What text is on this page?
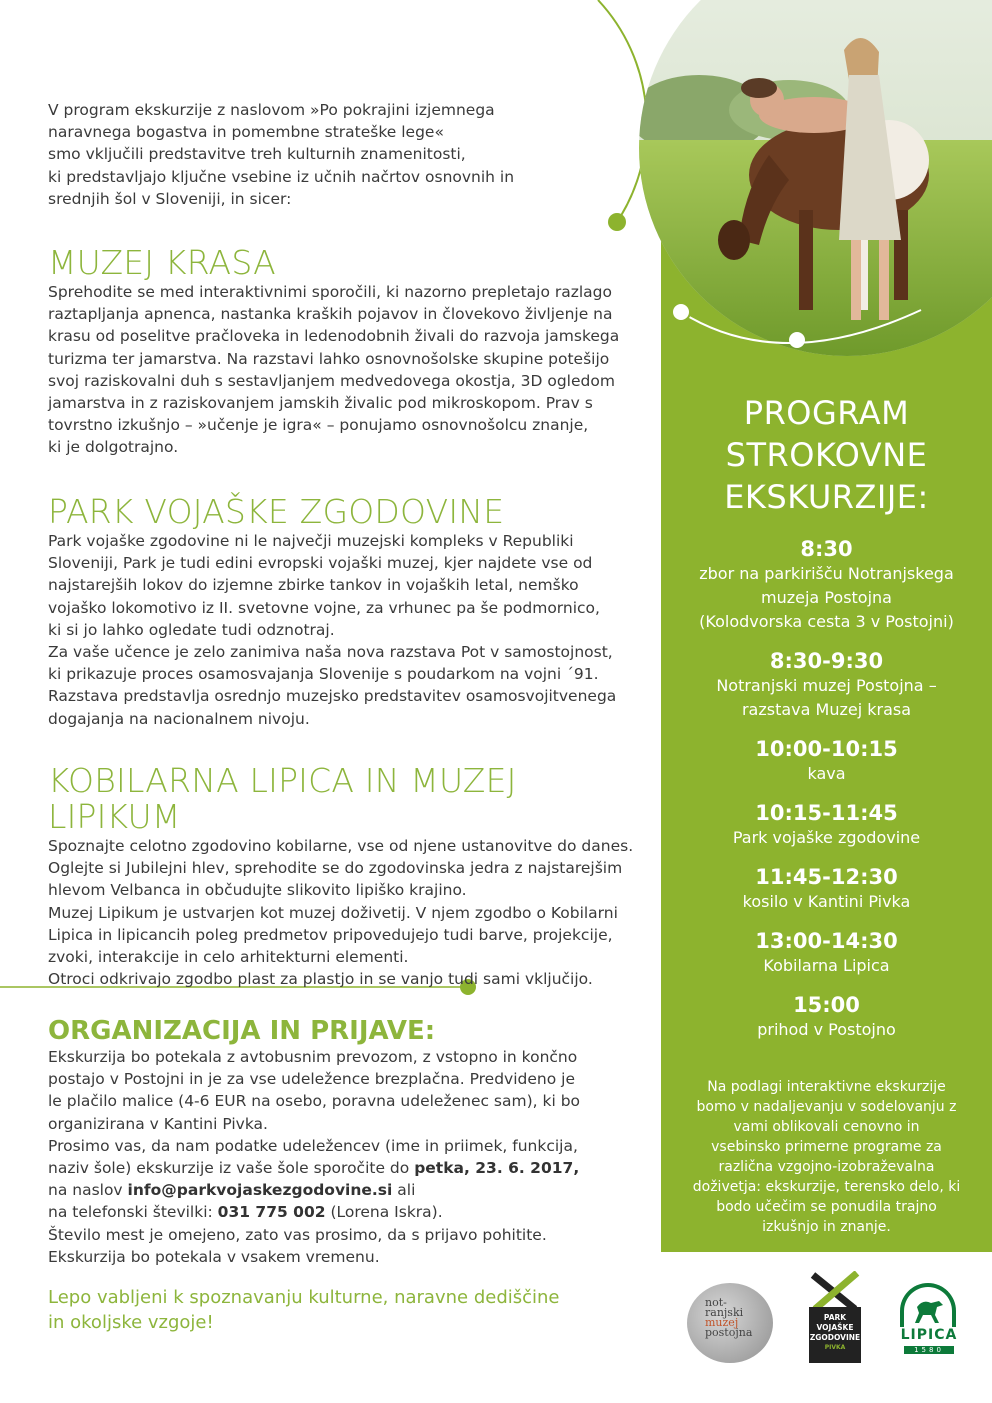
V program ekskurzije z naslovom »Po pokrajini izjemnega

naravnega bogastva in pomembne strateške lege«

smo vključili predstavitve treh kulturnih znamenitosti,

ki predstavljajo ključne vsebine iz učnih načrtov osnovnih in

srednjih šol v Sloveniji, in sicer:

MUZEJ KRASA

Sprehodite se med interaktivnimi sporočili, ki nazorno prepletajo razlago

raztapljanja apnenca, nastanka kraških pojavov in človekovo življenje na

krasu od poselitve pračloveka in ledenodobnih živali do razvoja jamskega

turizma ter jamarstva. Na razstavi lahko osnovnošolske skupine potešijo

svoj raziskovalni duh s sestavljanjem medvedovega okostja, 3D ogledom

jamarstva in z raziskovanjem jamskih živalic pod mikroskopom. Prav s

tovrstno izkušnjo – »učenje je igra« – ponujamo osnovnošolcu znanje,

ki je dolgotrajno.

PARK VOJAŠKE ZGODOVINE

Park vojaške zgodovine ni le največji muzejski kompleks v Republiki

Sloveniji, Park je tudi edini evropski vojaški muzej, kjer najdete vse od

najstarejših lokov do izjemne zbirke tankov in vojaških letal, nemško

vojaško lokomotivo iz II. svetovne vojne, za vrhunec pa še podmornico,

ki si jo lahko ogledate tudi odznotraj.

Za vaše učence je zelo zanimiva naša nova razstava Pot v samostojnost,

ki prikazuje proces osamosvajanja Slovenije s poudarkom na vojni ´91.

Razstava predstavlja osrednjo muzejsko predstavitev osamosvojitvenega

dogajanja na nacionalnem nivoju.

KOBILARNA LIPICA IN MUZEJ LIPIKUM

Spoznajte celotno zgodovino kobilarne, vse od njene ustanovitve do danes.

Oglejte si Jubilejni hlev, sprehodite se do zgodovinska jedra z najstarejšim

hlevom Velbanca in občudujte slikovito lipiško krajino.

Muzej Lipikum je ustvarjen kot muzej doživetij. V njem zgodbo o Kobilarni

Lipica in lipicancih poleg predmetov pripovedujejo tudi barve, projekcije,

zvoki, interakcije in celo arhitekturni elementi.

Otroci odkrivajo zgodbo plast za plastjo in se vanjo tudi sami vključijo.

ORGANIZACIJA IN PRIJAVE:

Ekskurzija bo potekala z avtobusnim prevozom, z vstopno in končno

postajo v Postojni in je za vse udeležence brezplačna. Predvideno je

le plačilo malice (4-6 EUR na osebo, poravna udeleženec sam), ki bo

organizirana v Kantini Pivka.

Prosimo vas, da nam podatke udeležencev (ime in priimek, funkcija,

naziv šole) ekskurzije iz vaše šole sporočite do petka, 23. 6. 2017,

na naslov info@parkvojaskezgodovine.si ali

na telefonski številki: 031 775 002 (Lorena Iskra).

Število mest je omejeno, zato vas prosimo, da s prijavo pohitite.

Ekskurzija bo potekala v vsakem vremenu.

Lepo vabljeni k spoznavanju kulturne, naravne dediščine

in okoljske vzgoje!

PROGRAM
STROKOVNE
EKSKURZIJE:
8:30
zbor na parkirišču Notranjskega
muzeja Postojna
(Kolodvorska cesta 3 v Postojni)
8:30-9:30
Notranjski muzej Postojna –
razstava Muzej krasa
10:00-10:15
kava
10:15-11:45
Park vojaške zgodovine
11:45-12:30
kosilo v Kantini Pivka
13:00-14:30
Kobilarna Lipica
15:00
prihod v Postojno
Na podlagi interaktivne ekskurzije
bomo v nadaljevanju v sodelovanju z
vami oblikovali cenovno in
vsebinsko primerne programe za
različna vzgojno-izobraževalna
doživetja: ekskurzije, terensko delo, ki
bodo učečim se ponudila trajno
izkušnjo in znanje.
not-
ranjski
muzej
postojna
PARK
VOJAŠKE
ZGODOVINE
PIVKA
LIPICA
1580
